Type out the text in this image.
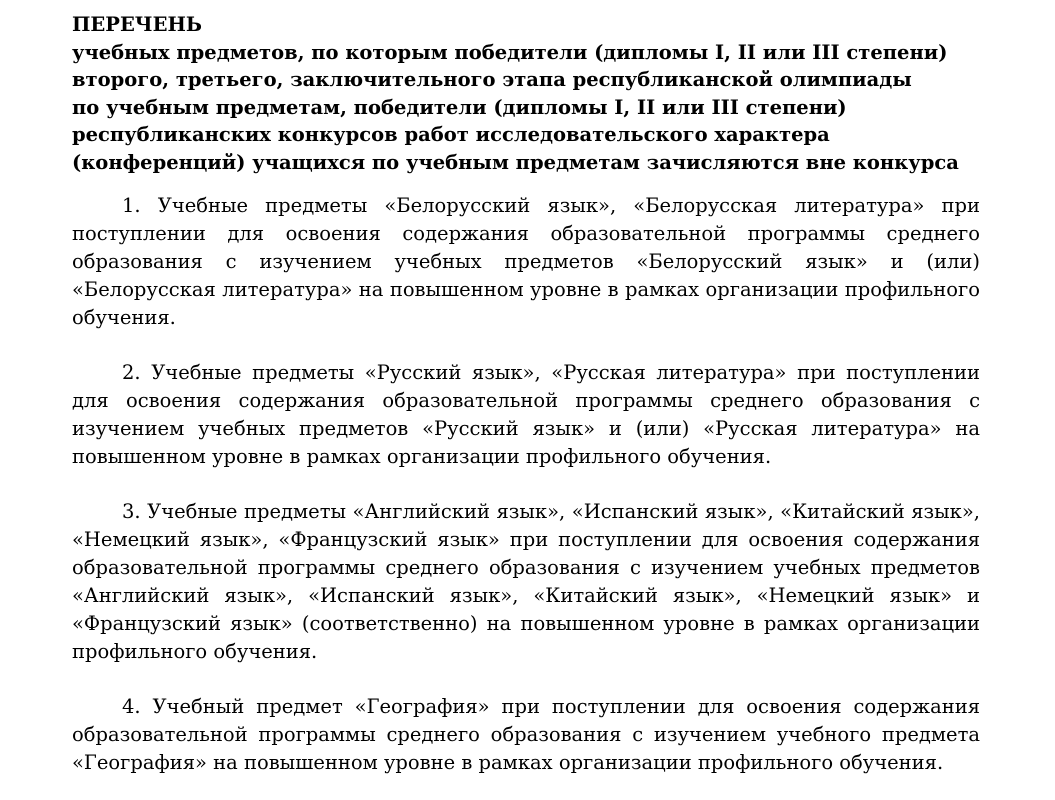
ПЕРЕЧЕНЬ
учебных предметов, по которым победители (дипломы I, II или III степени)
второго, третьего, заключительного этапа республиканской олимпиады
по учебным предметам, победители (дипломы I, II или III степени)
республиканских конкурсов работ исследовательского характера
(конференций) учащихся по учебным предметам зачисляются вне конкурса

1. Учебные предметы «Белорусский язык», «Белорусская литература» при поступлении для освоения содержания образовательной программы среднего образования с изучением учебных предметов «Белорусский язык» и (или) «Белорусская литература» на повышенном уровне в рамках организации профильного обучения.

2. Учебные предметы «Русский язык», «Русская литература» при поступлении для освоения содержания образовательной программы среднего образования с изучением учебных предметов «Русский язык» и (или) «Русская литература» на повышенном уровне в рамках организации профильного обучения.

3. Учебные предметы «Английский язык», «Испанский язык», «Китайский язык», «Немецкий язык», «Французский язык» при поступлении для освоения содержания образовательной программы среднего образования с изучением учебных предметов «Английский язык», «Испанский язык», «Китайский язык», «Немецкий язык» и «Французский язык» (соответственно) на повышенном уровне в рамках организации профильного обучения.

4. Учебный предмет «География» при поступлении для освоения содержания образовательной программы среднего образования с изучением учебного предмета «География» на повышенном уровне в рамках организации профильного обучения.
